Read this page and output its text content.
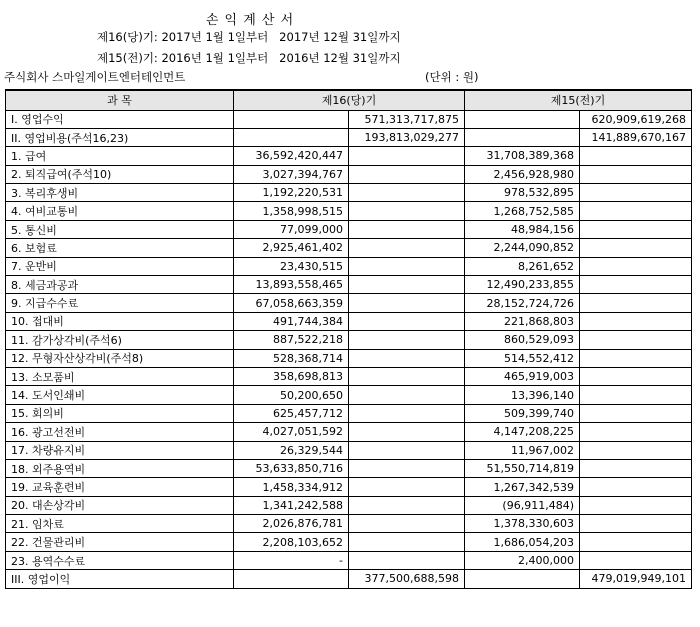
손 익 계 산 서
제16(당)기: 2017년 1월 1일부터   2017년 12월 31일까지
제15(전)기: 2016년 1월 1일부터   2016년 12월 31일까지
주식회사 스마일게이트엔터테인먼트	(단위 : 원)
과 목	제16(당)기		제15(전)기	
I. 영업수익		571,313,717,875		620,909,619,268
II. 영업비용(주석16,23)		193,813,029,277		141,889,670,167
1. 급여	36,592,420,447		31,708,389,368	
2. 퇴직급여(주석10)	3,027,394,767		2,456,928,980	
3. 복리후생비	1,192,220,531		978,532,895	
4. 여비교통비	1,358,998,515		1,268,752,585	
5. 통신비	77,099,000		48,984,156	
6. 보험료	2,925,461,402		2,244,090,852	
7. 운반비	23,430,515		8,261,652	
8. 세금과공과	13,893,558,465		12,490,233,855	
9. 지급수수료	67,058,663,359		28,152,724,726	
10. 접대비	491,744,384		221,868,803	
11. 감가상각비(주석6)	887,522,218		860,529,093	
12. 무형자산상각비(주석8)	528,368,714		514,552,412	
13. 소모품비	358,698,813		465,919,003	
14. 도서인쇄비	50,200,650		13,396,140	
15. 회의비	625,457,712		509,399,740	
16. 광고선전비	4,027,051,592		4,147,208,225	
17. 차량유지비	26,329,544		11,967,002	
18. 외주용역비	53,633,850,716		51,550,714,819	
19. 교육훈련비	1,458,334,912		1,267,342,539	
20. 대손상각비	1,341,242,588		(96,911,484)	
21. 임차료	2,026,876,781		1,378,330,603	
22. 건물관리비	2,208,103,652		1,686,054,203	
23. 용역수수료	-		2,400,000	
III. 영업이익		377,500,688,598		479,019,949,101
